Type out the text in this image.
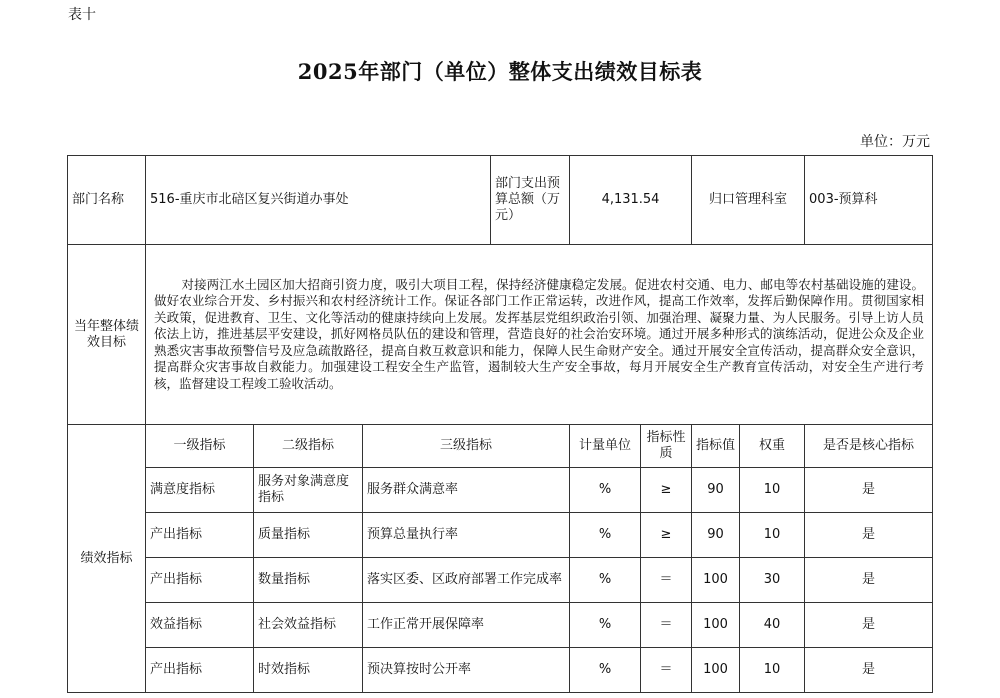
表十
2025年部门（单位）整体支出绩效目标表
单位：万元
部门名称	516-重庆市北碚区复兴街道办事处			部门支出预算总额（万元）	4,131.54		归口管理科室		003-预算科
当年整体绩效目标	对接两江水土园区加大招商引资力度，吸引大项目工程，保持经济健康稳定发展。促进农村交通、电力、邮电等农村基础设施的建设。做好农业综合开发、乡村振兴和农村经济统计工作。保证各部门工作正常运转，改进作风，提高工作效率，发挥后勤保障作用。贯彻国家相关政策，促进教育、卫生、文化等活动的健康持续向上发展。发挥基层党组织政治引领、加强治理、凝聚力量、为人民服务。引导上访人员依法上访，推进基层平安建设，抓好网格员队伍的建设和管理，营造良好的社会治安环境。通过开展多种形式的演练活动，促进公众及企业熟悉灾害事故预警信号及应急疏散路径，提高自救互救意识和能力，保障人民生命财产安全。通过开展安全宣传活动，提高群众安全意识，提高群众灾害事故自救能力。加强建设工程安全生产监管，遏制较大生产安全事故，每月开展安全生产教育宣传活动，对安全生产进行考核，监督建设工程竣工验收活动。								
绩效指标	一级指标	二级指标	三级指标		计量单位	指标性质	指标值	权重	是否是核心指标
	满意度指标	服务对象满意度指标	服务群众满意率		%	≥	90	10	是
	产出指标	质量指标	预算总量执行率		%	≥	90	10	是
	产出指标	数量指标	落实区委、区政府部署工作完成率		%	＝	100	30	是
	效益指标	社会效益指标	工作正常开展保障率		%	＝	100	40	是
	产出指标	时效指标	预决算按时公开率		%	＝	100	10	是
